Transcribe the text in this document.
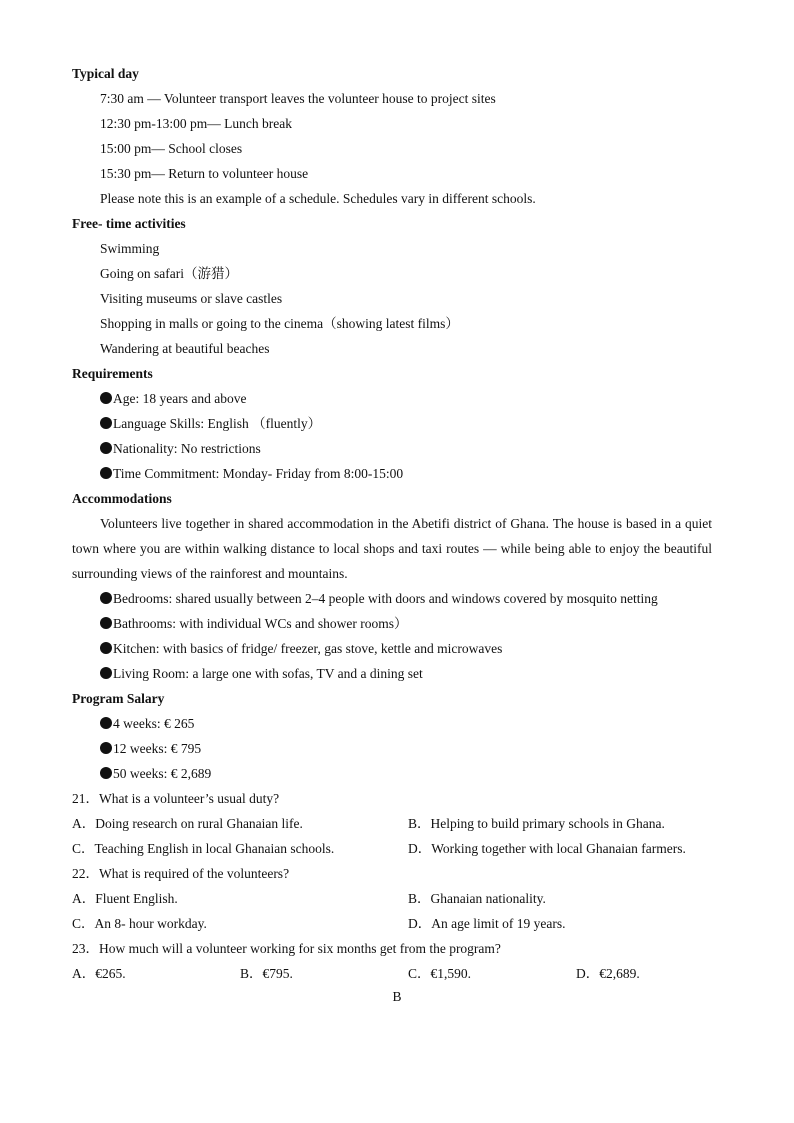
Typical day
7:30 am — Volunteer transport leaves the volunteer house to project sites
12:30 pm-13:00 pm— Lunch break
15:00 pm— School closes
15:30 pm— Return to volunteer house
Please note this is an example of a schedule. Schedules vary in different schools.
Free- time activities
Swimming
Going on safari（游猎）
Visiting museums or slave castles
Shopping in malls or going to the cinema（showing latest films）
Wandering at beautiful beaches
Requirements
Age: 18 years and above
Language Skills: English （fluently）
Nationality: No restrictions
Time Commitment: Monday- Friday from 8:00-15:00
Accommodations
Volunteers live together in shared accommodation in the Abetifi district of Ghana. The house is based in a quiet town where you are within walking distance to local shops and taxi routes — while being able to enjoy the beautiful surrounding views of the rainforest and mountains.
Bedrooms: shared usually between 2–4 people with doors and windows covered by mosquito netting
Bathrooms: with individual WCs and shower rooms）
Kitchen: with basics of fridge/ freezer, gas stove, kettle and microwaves
Living Room: a large one with sofas, TV and a dining set
Program Salary
4 weeks: € 265
12 weeks: € 795
50 weeks: € 2,689
21．What is a volunteer’s usual duty?
A．Doing research on rural Ghanaian life.	B．Helping to build primary schools in Ghana.
C．Teaching English in local Ghanaian schools.	D．Working together with local Ghanaian farmers.
22．What is required of the volunteers?
A．Fluent English.	B．Ghanaian nationality.
C．An 8- hour workday.	D．An age limit of 19 years.
23．How much will a volunteer working for six months get from the program?
A．€265.	B．€795.	C．€1,590.	D．€2,689.
B
